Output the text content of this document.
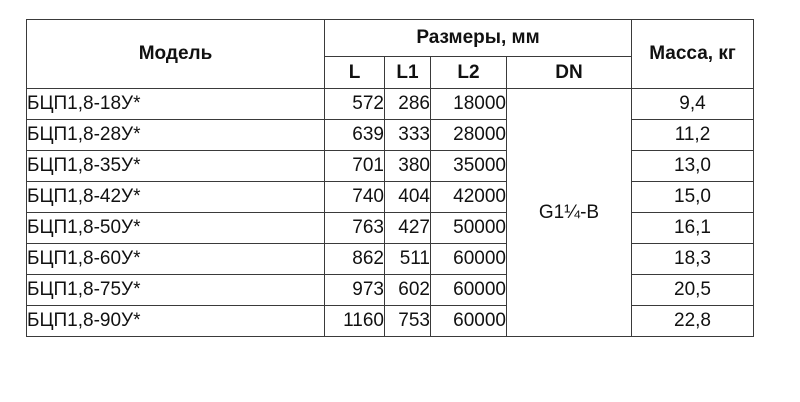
Модель	Размеры, мм				Масса, кг
	L	L1	L2	DN	
БЦП1,8-18У*	572	286	18000	G1¼-B	9,4
БЦП1,8-28У*	639	333	28000		11,2
БЦП1,8-35У*	701	380	35000		13,0
БЦП1,8-42У*	740	404	42000		15,0
БЦП1,8-50У*	763	427	50000		16,1
БЦП1,8-60У*	862	511	60000		18,3
БЦП1,8-75У*	973	602	60000		20,5
БЦП1,8-90У*	1160	753	60000		22,8
